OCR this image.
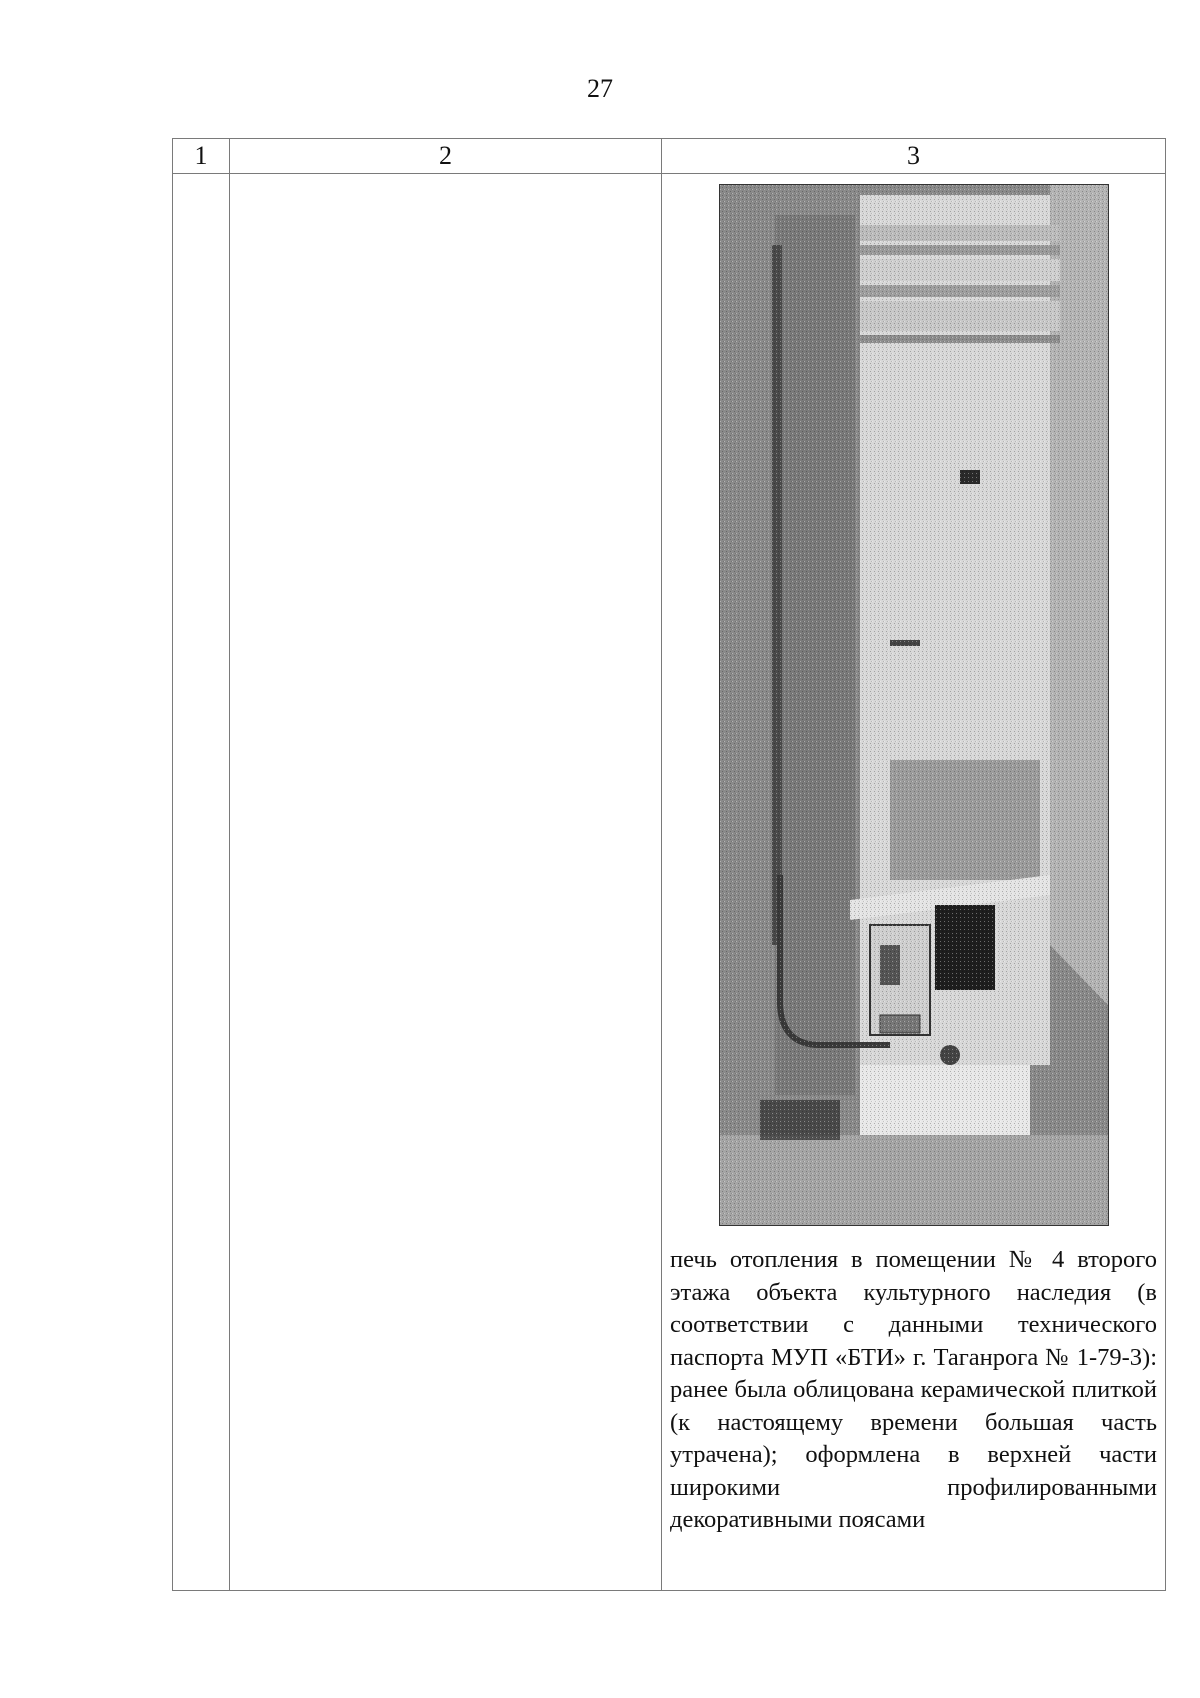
27
1	2	3

		печь отопления в помещении № 4 второго этажа объекта культурного наследия (в соответствии с данными технического паспорта МУП «БТИ» г. Таганрога № 1-79-3): ранее была облицована керамической плиткой (к настоящему времени большая часть утрачена); оформлена в верхней части широкими профилированными декоративными поясами
